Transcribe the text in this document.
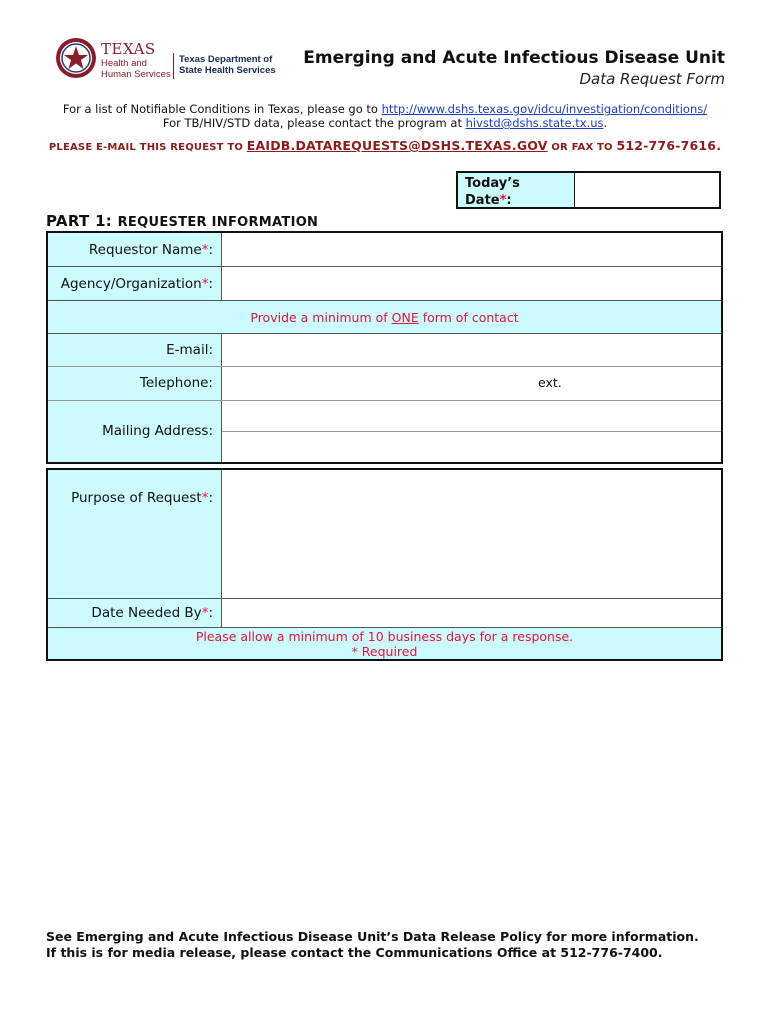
TEXAS
Health and Human Services
Texas Department of State Health Services
Emerging and Acute Infectious Disease Unit
Data Request Form
For a list of Notifiable Conditions in Texas, please go to http://www.dshs.texas.gov/idcu/investigation/conditions/
For TB/HIV/STD data, please contact the program at hivstd@dshs.state.tx.us.
PLEASE E-MAIL THIS REQUEST TO EAIDB.DATAREQUESTS@DSHS.TEXAS.GOV OR FAX TO 512-776-7616.
Today’s
Date*:
PART 1: REQUESTER INFORMATION
Requestor Name*:
Agency/Organization*:
Provide a minimum of ONE form of contact
E-mail:
Telephone:	ext.
Mailing Address:
Purpose of Request*:
Date Needed By*:
Please allow a minimum of 10 business days for a response.
* Required
See Emerging and Acute Infectious Disease Unit’s Data Release Policy for more information.
If this is for media release, please contact the Communications Office at 512-776-7400.
